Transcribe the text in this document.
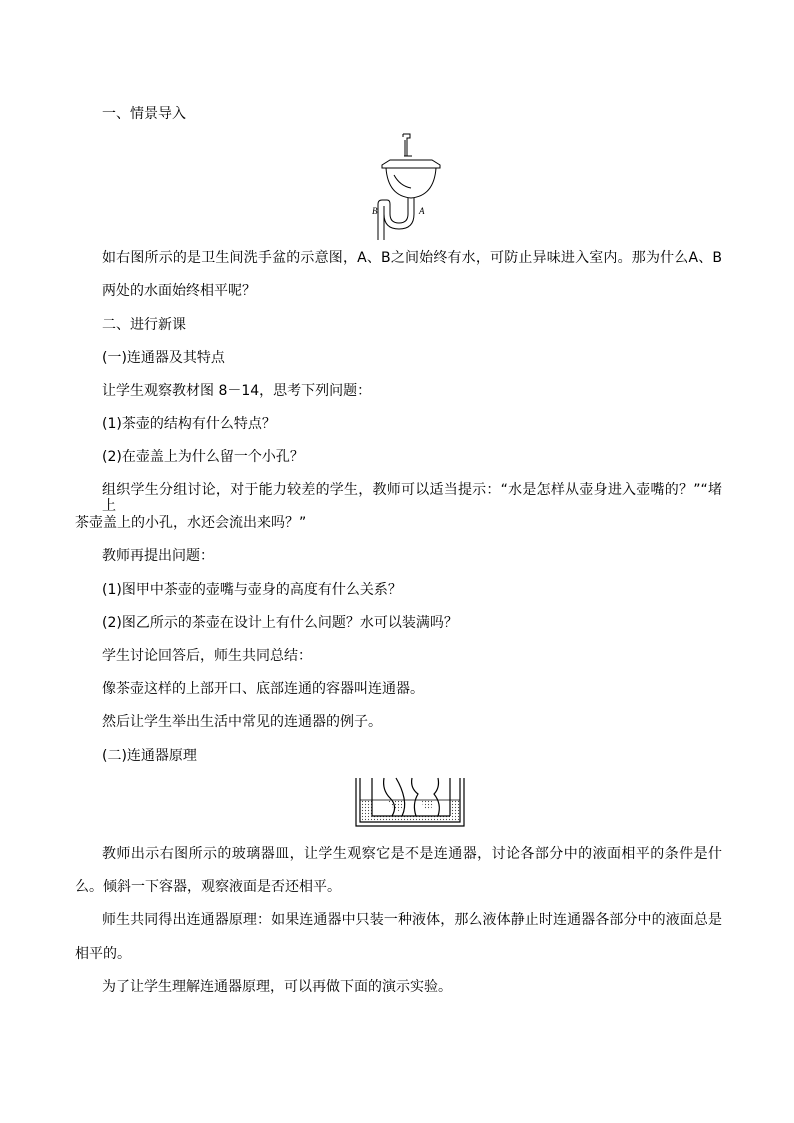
一、情景导入
A
B
如右图所示的是卫生间洗手盆的示意图，A、B之间始终有水，可防止异味进入室内。那为什么A、B
两处的水面始终相平呢？
二、进行新课
(一)连通器及其特点
让学生观察教材图 8－14，思考下列问题：
(1)茶壶的结构有什么特点？
(2)在壶盖上为什么留一个小孔？
组织学生分组讨论，对于能力较差的学生，教师可以适当提示：“水是怎样从壶身进入壶嘴的？”“堵上
茶壶盖上的小孔，水还会流出来吗？”
教师再提出问题：
(1)图甲中茶壶的壶嘴与壶身的高度有什么关系？
(2)图乙所示的茶壶在设计上有什么问题？水可以装满吗？
学生讨论回答后，师生共同总结：
像茶壶这样的上部开口、底部连通的容器叫连通器。
然后让学生举出生活中常见的连通器的例子。
(二)连通器原理
教师出示右图所示的玻璃器皿，让学生观察它是不是连通器，讨论各部分中的液面相平的条件是什
么。倾斜一下容器，观察液面是否还相平。
师生共同得出连通器原理：如果连通器中只装一种液体，那么液体静止时连通器各部分中的液面总是
相平的。
为了让学生理解连通器原理，可以再做下面的演示实验。
